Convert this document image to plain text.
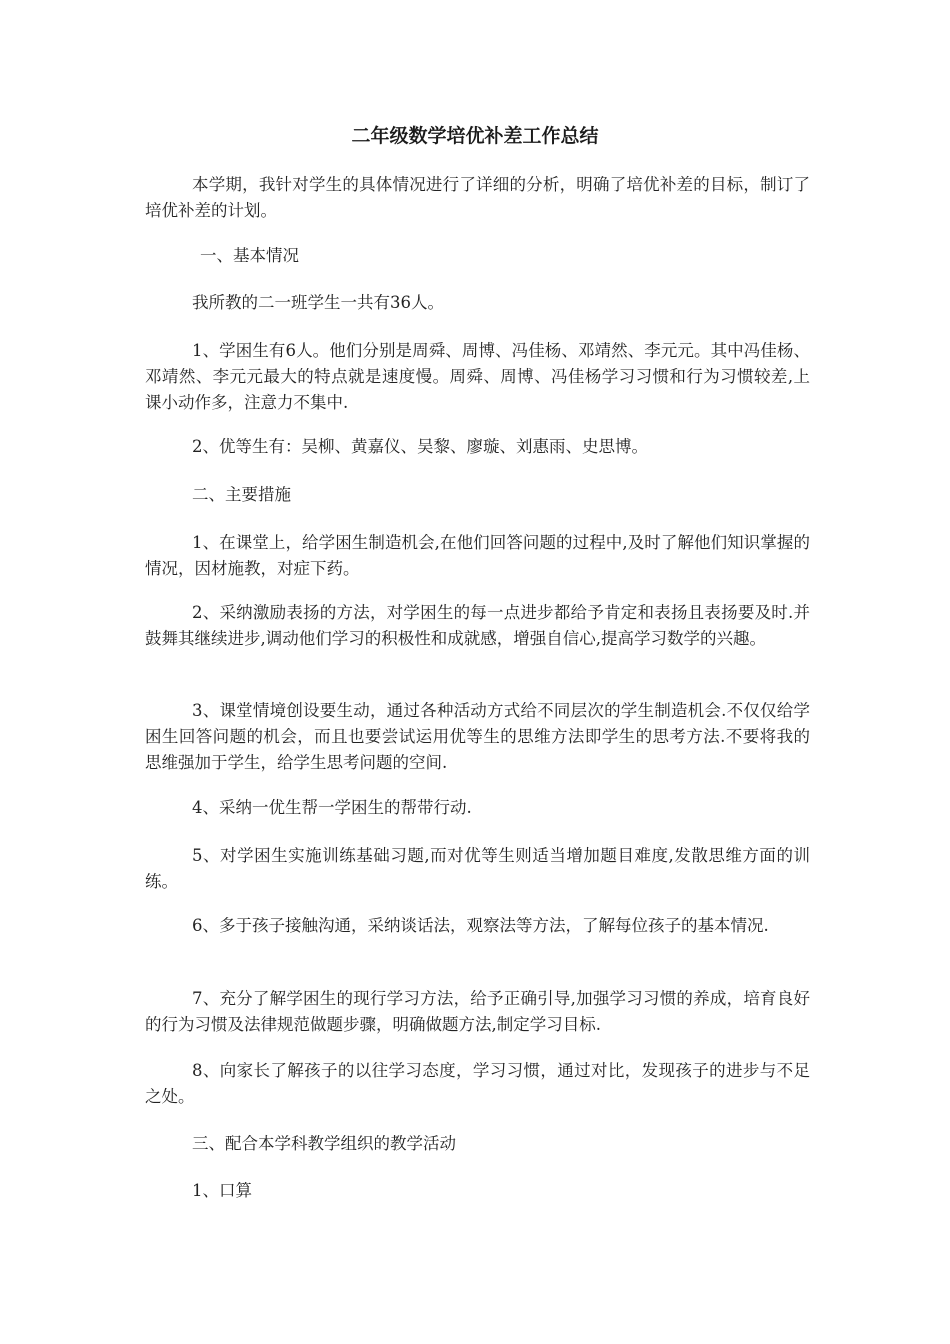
二年级数学培优补差工作总结

本学期，我针对学生的具体情况进行了详细的分析，明确了培优补差的目标，制订了培优补差的计划。

一、基本情况

我所教的二一班学生一共有36人。

1、学困生有6人。他们分别是周舜、周博、冯佳杨、邓靖然、李元元。其中冯佳杨、邓靖然、李元元最大的特点就是速度慢。周舜、周博、冯佳杨学习习惯和行为习惯较差,上课小动作多，注意力不集中.

2、优等生有：吴柳、黄嘉仪、吴黎、廖璇、刘惠雨、史思博。

二、主要措施

1、在课堂上，给学困生制造机会,在他们回答问题的过程中,及时了解他们知识掌握的情况，因材施教，对症下药。

2、采纳激励表扬的方法，对学困生的每一点进步都给予肯定和表扬且表扬要及时.并鼓舞其继续进步,调动他们学习的积极性和成就感，增强自信心,提高学习数学的兴趣。

3、课堂情境创设要生动，通过各种活动方式给不同层次的学生制造机会.不仅仅给学困生回答问题的机会，而且也要尝试运用优等生的思维方法即学生的思考方法.不要将我的思维强加于学生，给学生思考问题的空间.

4、采纳一优生帮一学困生的帮带行动.

5、对学困生实施训练基础习题,而对优等生则适当增加题目难度,发散思维方面的训练。

6、多于孩子接触沟通，采纳谈话法，观察法等方法，了解每位孩子的基本情况.

7、充分了解学困生的现行学习方法，给予正确引导,加强学习习惯的养成，培育良好的行为习惯及法律规范做题步骤，明确做题方法,制定学习目标.

8、向家长了解孩子的以往学习态度，学习习惯，通过对比，发现孩子的进步与不足之处。

三、配合本学科教学组织的教学活动

1、口算
